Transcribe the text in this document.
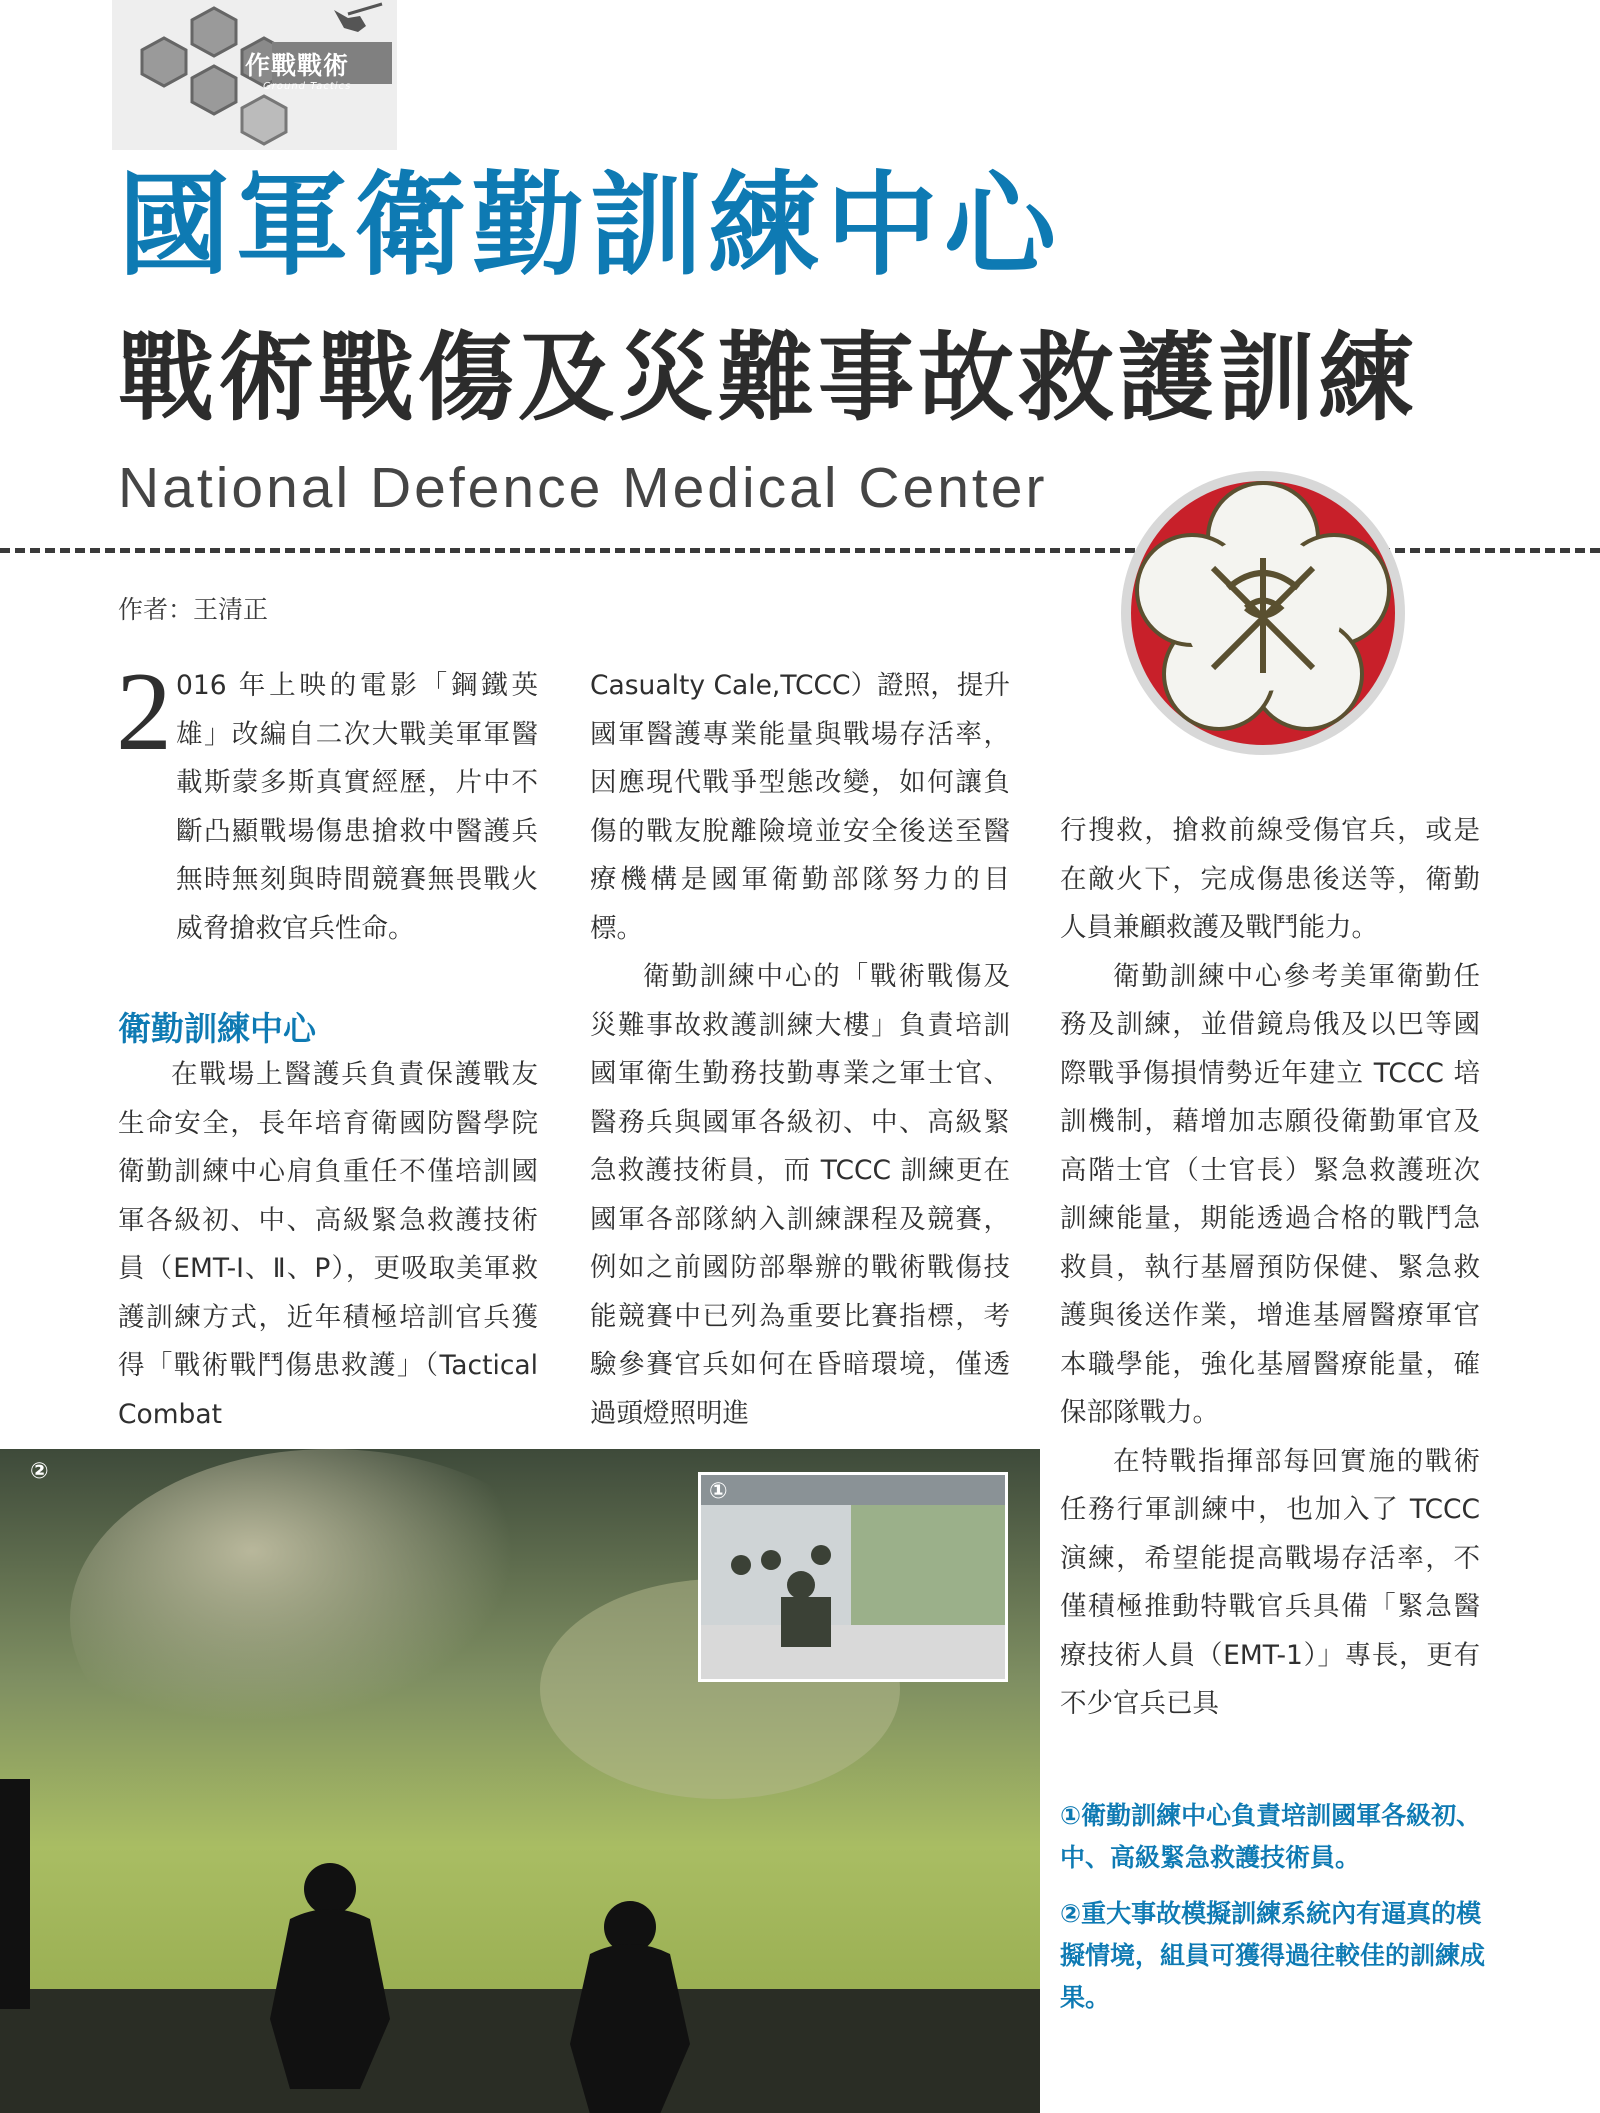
作戰戰術
Ground Tactics
國軍衛勤訓練中心
戰術戰傷及災難事故救護訓練
National Defence Medical Center
作者：王清正
2 016 年上映的電影「鋼鐵英雄」改編自二次大戰美軍軍醫載斯蒙多斯真實經歷，片中不斷凸顯戰場傷患搶救中醫護兵無時無刻與時間競賽無畏戰火威脅搶救官兵性命。

衛勤訓練中心

在戰場上醫護兵負責保護戰友生命安全，長年培育衛國防醫學院衛勤訓練中心肩負重任不僅培訓國軍各級初、中、高級緊急救護技術員（EMT-I、Ⅱ、P），更吸取美軍救護訓練方式，近年積極培訓官兵獲得「戰術戰鬥傷患救護」（Tactical Combat

Casualty Cale,TCCC）證照，提升國軍醫護專業能量與戰場存活率，因應現代戰爭型態改變，如何讓負傷的戰友脫離險境並安全後送至醫療機構是國軍衛勤部隊努力的目標。

衛勤訓練中心的「戰術戰傷及災難事故救護訓練大樓」負責培訓國軍衛生勤務技勤專業之軍士官、醫務兵與國軍各級初、中、高級緊急救護技術員，而 TCCC 訓練更在國軍各部隊納入訓練課程及競賽，例如之前國防部舉辦的戰術戰傷技能競賽中已列為重要比賽指標，考驗參賽官兵如何在昏暗環境，僅透過頭燈照明進

行搜救，搶救前線受傷官兵，或是在敵火下，完成傷患後送等，衛勤人員兼顧救護及戰鬥能力。

衛勤訓練中心參考美軍衛勤任務及訓練，並借鏡烏俄及以巴等國際戰爭傷損情勢近年建立 TCCC 培訓機制，藉增加志願役衛勤軍官及高階士官（士官長）緊急救護班次訓練能量，期能透過合格的戰鬥急救員，執行基層預防保健、緊急救護與後送作業，增進基層醫療軍官本職學能，強化基層醫療能量，確保部隊戰力。

在特戰指揮部每回實施的戰術任務行軍訓練中，也加入了 TCCC 演練，希望能提高戰場存活率，不僅積極推動特戰官兵具備「緊急醫療技術人員（EMT-1）」專長，更有不少官兵已具

②
①
①衛勤訓練中心負責培訓國軍各級初、中、高級緊急救護技術員。
②重大事故模擬訓練系統內有逼真的模擬情境，組員可獲得過往較佳的訓練成果。
